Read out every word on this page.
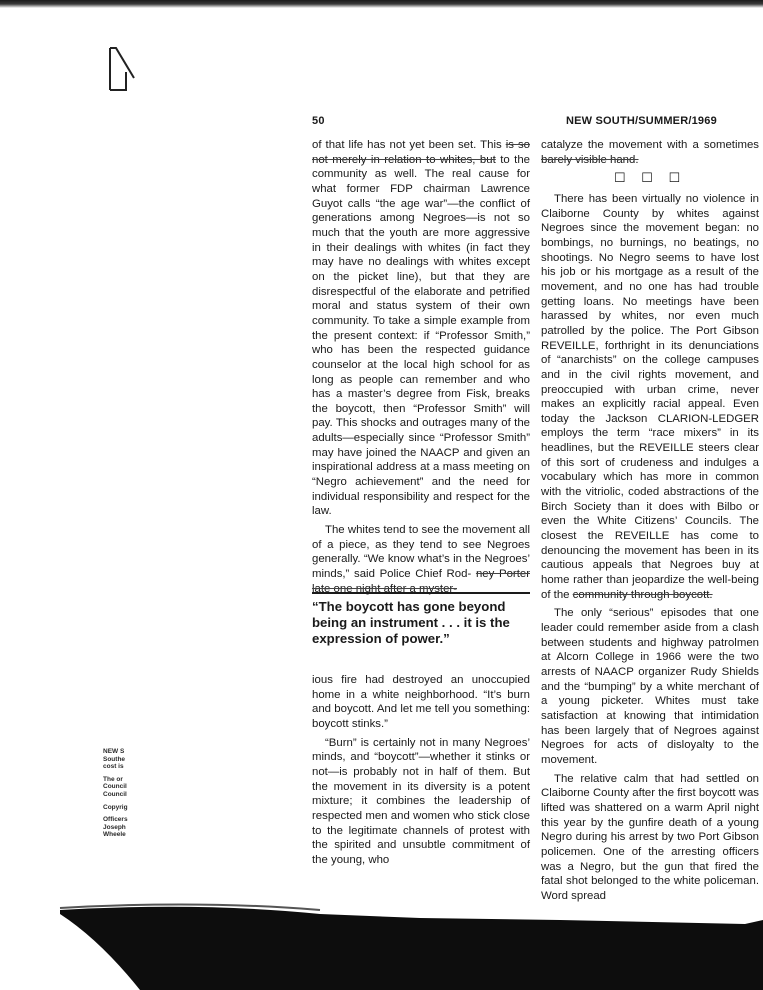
50	NEW SOUTH/SUMMER/1969

of that life has not yet been set. This is so not merely in relation to whites, but to the community as well. The real cause for what former FDP chairman Lawrence Guyot calls “the age war”—the conflict of generations among Negroes—is not so much that the youth are more aggressive in their dealings with whites (in fact they may have no dealings with whites except on the picket line), but that they are disrespectful of the elaborate and petrified moral and status system of their own community. To take a simple example from the present context: if “Professor Smith,” who has been the respected guidance counselor at the local high school for as long as people can remember and who has a master’s degree from Fisk, breaks the boycott, then “Professor Smith” will pay. This shocks and outrages many of the adults—especially since “Professor Smith” may have joined the NAACP and given an inspirational address at a mass meeting on “Negro achievement” and the need for individual responsibility and respect for the law.

The whites tend to see the movement all of a piece, as they tend to see Negroes generally. “We know what’s in the Negroes’ minds,” said Police Chief Rod- ney Porter late one night after a myster-

“The boycott has gone beyond being an instrument . . . it is the expression of power.”

ious fire had destroyed an unoccupied home in a white neighborhood. “It’s burn and boycott. And let me tell you something: boycott stinks.”

“Burn” is certainly not in many Negroes’ minds, and “boycott”—whether it stinks or not—is probably not in half of them. But the movement in its diversity is a potent mixture; it combines the leadership of respected men and women who stick close to the legitimate channels of protest with the spirited and unsubtle commitment of the young, who

catalyze the movement with a sometimes barely visible hand.

☐ ☐ ☐

There has been virtually no violence in Claiborne County by whites against Negroes since the movement began: no bombings, no burnings, no beatings, no shootings. No Negro seems to have lost his job or his mortgage as a result of the movement, and no one has had trouble getting loans. No meetings have been harassed by whites, nor even much patrolled by the police. The Port Gibson REVEILLE, forthright in its denunciations of “anarchists” on the college campuses and in the civil rights movement, and preoccupied with urban crime, never makes an explicitly racial appeal. Even today the Jackson CLARION-LEDGER employs the term “race mixers” in its headlines, but the REVEILLE steers clear of this sort of crudeness and indulges a vocabulary which has more in common with the vitriolic, coded abstractions of the Birch Society than it does with Bilbo or even the White Citizens’ Councils. The closest the REVEILLE has come to denouncing the movement has been in its cautious appeals that Negroes buy at home rather than jeopardize the well-being of the community through boycott.

The only “serious” episodes that one leader could remember aside from a clash between students and highway patrolmen at Alcorn College in 1966 were the two arrests of NAACP organizer Rudy Shields and the “bumping” by a white merchant of a young picketer. Whites must take satisfaction at knowing that intimidation has been largely that of Negroes against Negroes for acts of disloyalty to the movement.

The relative calm that had settled on Claiborne County after the first boycott was lifted was shattered on a warm April night this year by the gunfire death of a young Negro during his arrest by two Port Gibson policemen. One of the arresting officers was a Negro, but the gun that fired the fatal shot belonged to the white policeman. Word spread

NEW S
Southe
cost is
The or
Council
Council
Copyrig
Officers
Joseph
Wheele
